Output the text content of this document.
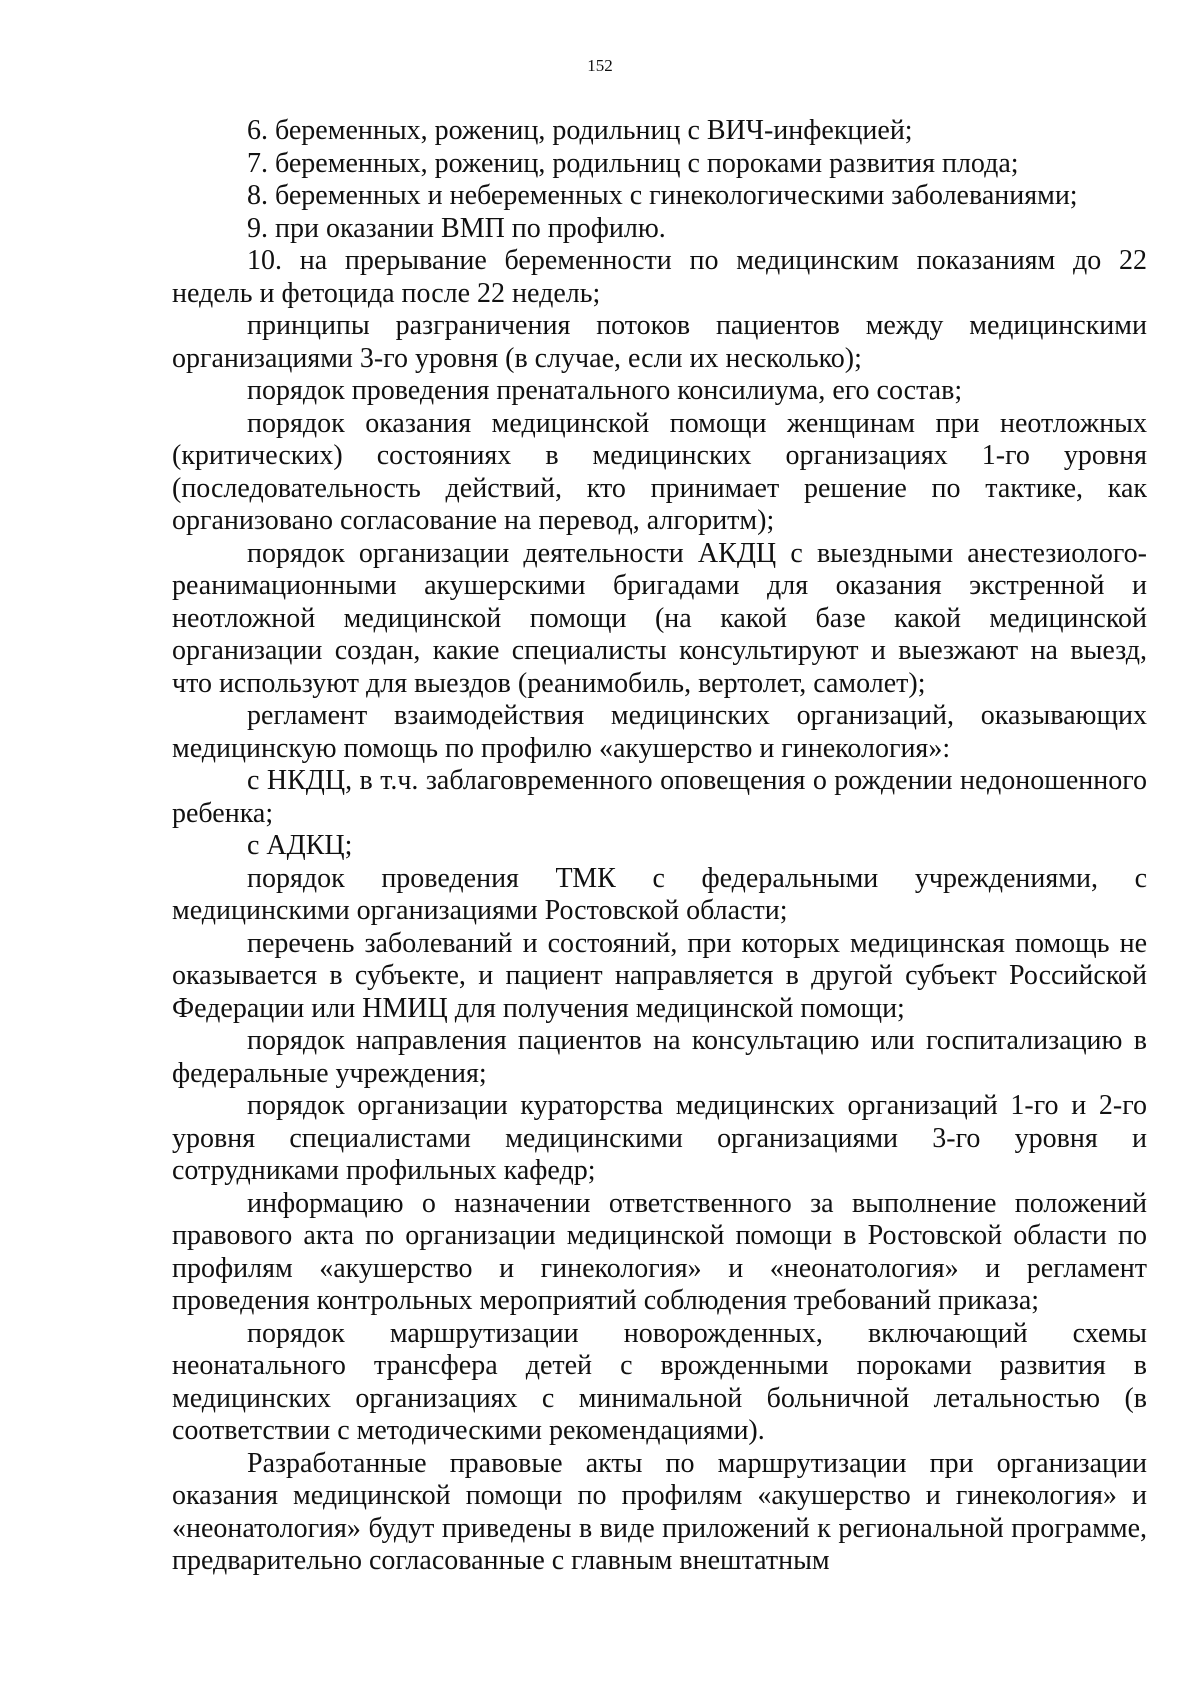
152

6. беременных, рожениц, родильниц с ВИЧ-инфекцией;

7. беременных, рожениц, родильниц с пороками развития плода;

8. беременных и небеременных с гинекологическими заболеваниями;

9. при оказании ВМП по профилю.

10. на прерывание беременности по медицинским показаниям до 22 недель и фетоцида после 22 недель;

принципы разграничения потоков пациентов между медицинскими организациями 3-го уровня (в случае, если их несколько);

порядок проведения пренатального консилиума, его состав;

порядок оказания медицинской помощи женщинам при неотложных (критических) состояниях в медицинских организациях 1-го уровня (последовательность действий, кто принимает решение по тактике, как организовано согласование на перевод, алгоритм);

порядок организации деятельности АКДЦ с выездными анестезиолого-реанимационными акушерскими бригадами для оказания экстренной и неотложной медицинской помощи (на какой базе какой медицинской организации создан, какие специалисты консультируют и выезжают на выезд, что используют для выездов (реанимобиль, вертолет, самолет);

регламент взаимодействия медицинских организаций, оказывающих медицинскую помощь по профилю «акушерство и гинекология»:

с НКДЦ, в т.ч. заблаговременного оповещения о рождении недоношенного ребенка;

с АДКЦ;

порядок проведения ТМК с федеральными учреждениями, с медицинскими организациями Ростовской области;

перечень заболеваний и состояний, при которых медицинская помощь не оказывается в субъекте, и пациент направляется в другой субъект Российской Федерации или НМИЦ для получения медицинской помощи;

порядок направления пациентов на консультацию или госпитализацию в федеральные учреждения;

порядок организации кураторства медицинских организаций 1-го и 2-го уровня специалистами медицинскими организациями 3-го уровня и сотрудниками профильных кафедр;

информацию о назначении ответственного за выполнение положений правового акта по организации медицинской помощи в Ростовской области по профилям «акушерство и гинекология» и «неонатология» и регламент проведения контрольных мероприятий соблюдения требований приказа;

порядок маршрутизации новорожденных, включающий схемы неонатального трансфера детей с врожденными пороками развития в медицинских организациях с минимальной больничной летальностью (в соответствии с методическими рекомендациями).

Разработанные правовые акты по маршрутизации при организации оказания медицинской помощи по профилям «акушерство и гинекология» и «неонатология» будут приведены в виде приложений к региональной программе, предварительно согласованные с главным внештатным
